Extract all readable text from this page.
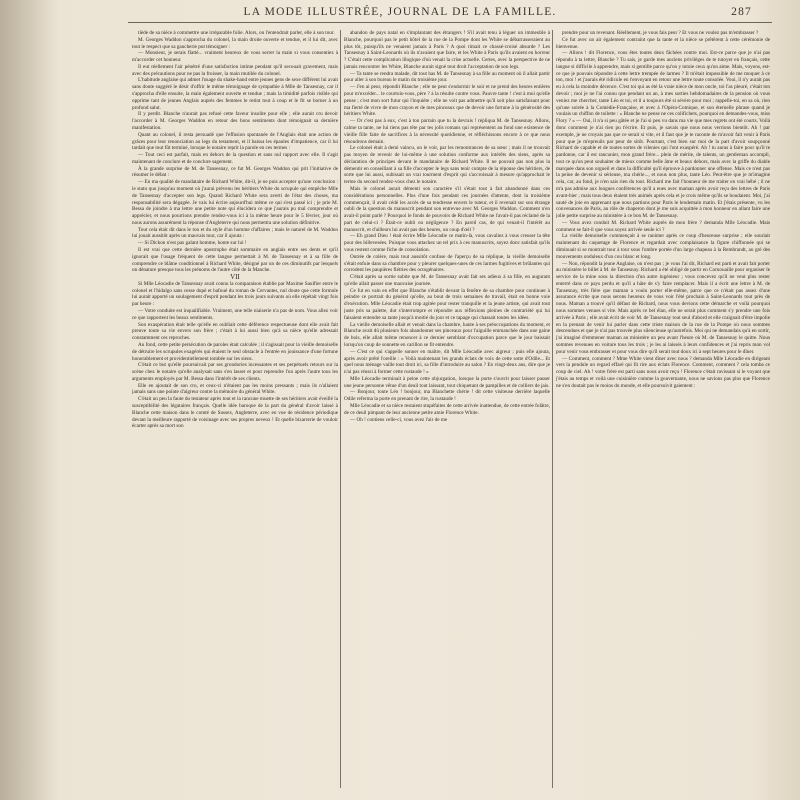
LA MODE ILLUSTRÉE, JOURNAL DE LA FAMILLE.	287

tiède de sa nièce à commettre une irréparable folie. Alors, on l'entendrait parler, elle à son tour.

M. Georges Waddon s'approcha du colonel, la main droite ouverte et tendue, et il lui dit, avec tout le respect que sa gaucherie put témoigner :

— Monsieur, je serais flatté... vraiment heureux de vous serrer la main si vous consentiez à m'accorder cet honneur.

Il eut réellement l'air pénétré d'une satisfaction intime pendant qu'il secouait gravement, mais avec des précautions pour ne pas la froisser, la main mutilée du colonel.

L'habitude anglaise qui admet l'usage du shake-hand entre jeunes gens de sexe différent lui avait sans doute suggéré le désir d'offrir le même témoignage de sympathie à Mlle de Tansesnay, car il s'approcha d'elle ensuite, la main également ouverte et tendue ; mais la timidité parfois risible qui opprime tant de jeunes Anglais auprès des femmes le retint tout à coup et le fit se borner à un profond salut.

Il y perdit. Blanche n'aurait pas refusé cette faveur insolite pour elle ; elle aurait cru devoir l'accorder à M. Georges Waddon en retour des bons sentiments dont témoignait sa dernière manifestation.

Quant au colonel, il resta persuadé que l'effusion spontanée de l'Anglais était une action de grâces pour leur renonciation au legs du testament, et il baissa les épaules d'impatience, car il lui tardait que tout fût terminé, lorsque le notaire reprit la parole en ces termes :

— Tout ceci est parfait, mais en dehors de la question et sans nul rapport avec elle. Il s'agit maintenant de conclure et de conclure sagement.

À la grande surprise de M. de Tansesnay, ce fut M. Georges Waddon qui prit l'initiative de résumer le débat :

— En ma qualité de mandataire de Richard White, dit-il, je ne puis accepter qu'une conclusion : le statu quo jusqu'au moment où j'aurai prévenu les héritiers White du scrupule qui empêche Mlle de Tansesnay d'accepter son legs. Quand Richard White sera averti de l'état des choses, ma responsabilité sera dégagée. Je vais lui écrire aujourd'hui même ce qui s'est passé ici ; je prie M. Bessa de joindre à ma lettre une petite note qui élucidera ce que j'aurais pu mal comprendre et apprécier, et nous pourrions prendre rendez-vous ici à la même heure pour le 5 février, jour où nous aurons assurément la réponse d'Angleterre qui nous permettra une solution définitive.

Tout cela était dit dans le ton et du style d'un homme d'affaires ; mais le naturel de M. Waddon lui jouait aussitôt après un mauvais tour, car il ajouta :

— Si Dickon n'est pas galant homme, honte sur lui !

Il est vrai que cette dernière apostrophe était sommaire en anglais entre ses dents et qu'il ignorait que l'usage fréquent de cette langue permettait à M. de Tansesnay et à sa fille de comprendre ce blâme conditionnel à Richard White, désigné par un de ces diminutifs par lesquels on dénature presque tous les prénoms de l'autre côté de la Manche.

VII

Si Mlle Léocadie de Tansesnay avait connu la comparaison établie par Maxime Saulfier entre le colonel et l'hidalgo sans cesse dupé et bafoué du roman de Cervantes, nul doute que cette formule lui aurait apporté un soulagement d'esprit pendant les trois jours suivants où elle répétait vingt fois par heure :

— Votre conduite est inqualifiable. Vraiment, une telle niaiserie n'a pas de nom. Vous allez voir ce que rapportent les beaux sentiments.

Son exaspération était telle qu'elle en oubliait cette déférence respectueuse dont elle avait fait preuve toute sa vie envers son frère ; c'était à lui aussi bien qu'à sa nièce qu'elle adressait constamment ces reproches.

Au fond, cette petite persécution de paroles était calculée ; il s'agissait pour la vieille demoiselle de détruire les scrupules exagérés qui étaient le seul obstacle à l'entrée en jouissance d'une fortune honorablement et providentiellement tombée sur les siens.

C'était ce but qu'elle poursuivait par ses grondories incessantes et ses perpétuels retours sur la scène chez le notaire qu'elle analysait sans s'en lasser et pour reprendre l'un après l'autre tous les arguments employés par M. Bessa dans l'intérêt de ses clients.

Elle en ajoutait de son cru, et ceux-ci n'étaient pas les moins pressants ; mais ils n'allaient jamais sans une pointe d'aigreur contre la mémoire du général White.

C'était un peu la faute du testateur après tout et la rancune muette de ses héritiers avait éveillé la susceptibilité des légataires français. Quelle idée baroque de la part du général d'avoir laissé à Blanche cette maison dans le comté de Sussex, Angleterre, avec en vue de résidence périodique devant la meilleure rapporté de voisinage avec ses propres neveux ! Et quelle bizarrerie de vouloir écarter après sa mort son

abandon de pays natal en s'implantant des étrangers ! S'il avait tenu à léguer un immeuble à Blanche, pourquoi pas le petit hôtel de la rue de la Pompe dont les White se débarrasseraient au plus tôt, puisqu'ils ne venaient jamais à Paris ? A quoi rimait ce chassé-croisé absurde ? Les Tansesnay à Saint-Leonards où ils n'avaient que faire, et les White à Paris qu'ils avaient en horreur ? C'était cette complication illogique d'où venait la crise actuelle. Certes, avec la perspective de ne jamais rencontrer les White, Blanche aurait signé tout droit l'acceptation de son legs.

— Ta tante se rendra malade, dit tout bas M. de Tansesnay à sa fille au moment où il allait partir pour aller à son bureau le matin du troisième jour.

— J'en ai peur, répondit Blanche ; elle ne peut s'endormir le soir et ne prend des heures entières pour m'excéder... le courtois-vous, père ? à la résulte contre vous. Pauvre tante ! c'est à moi qu'elle pense ; c'est mon sort futur qui l'inquiète ; elle ne voit pas admettre qu'il soit plus satisfaisant pour ma fierté de vivre de mon crayon et de mes pinceaux que de devoir une fortune à la générosité des héritiers White.

— Or c'est pas à eux, c'est à ton parrain que tu la devrais ! répliqua M. de Tansesnay. Allons, calme ta tante, ne lui tiens pas tête par tes jolis romans qui représentent au fond une existence de vieille fille faite de sacrifices à la nécessité quotidienne, et réfléchissons encore à ce que nous résoudrons demain.

Le colonel était à demi vaincu, on le voit, par les remontrances de sa sœur ; mais il ne trouvait pas moyen de revenir de lui-même à une solution conforme aux intérêts des siens, après sa déclaration de principes devant le mandataire de Richard White. Il ne pouvait pas non plus la démentir en conseillant à sa fille d'accepter le legs sans tenir compte de la réponse des héritiers, de sorte que lui aussi, subissait un vrai tourment d'esprit qui s'accroissait à mesure qu'approchait le terme du second rendez-vous chez le notaire.

Mais le colonel aurait démenti son caractère s'il s'était tout à fait abandonné dans ces considérations personnelles. Plus d'une fois pendant ces journées d'attente, dont la troisième commençait, il avait cédé les accès de sa tendresse envers le tuteur, et il revenait sur son étrange oubli de la question du manuscrit pendant son entrevue avec M. Georges Waddon. Comment n'en avait-il point parlé ? Pourquoi le fonds de pouvoirs de Richard White ne l'avait-il pas réclamé de la part de celui-ci ? Était-ce oubli ou négligence ? En pareil cas, de qui venait-il l'intérêt au manuscrit, et d'ailleurs lui avait pas des heures, un coup d'œil ?

— Eh grand Dieu ! était écrire Mlle Léocadie ce matin-là, vous cavaliez à vous creuser la tête pour des billevesées. Puisque vous attachez un tel prix à ces manuscrits, soyez donc satisfait qu'ils vous restent comme fiche de consolation.

Outrée de colère, mais tout aussitôt confuse de l'aperçu de sa réplique, la vieille demoiselle s'était enfuie dans sa chambre pour y pleurer quelques-unes de ces larmes fugitives et brûlantes qui corrodent les paupières flétries des octogénaires.

C'était après sa sortie subite que M. de Tansesnay avait fait ses adieux à sa fille, en augurant qu'elle allait passer une mauvaise journée.

Ce fut en vain en effet que Blanche s'établit devant la fenêtre de sa chambre pour continuer à peindre ce portrait du général qu'elle, au bout de trois semaines de travail, était en bonne voie d'exécution. Mlle Léocadie était trop agitée pour rester tranquille et la jeune artiste, qui avait tout juste pris sa palette, dut s'interrompre et répondre aux réflexions pleines de contrariété qui lui faisaient entendre sa tante jusqu'à moitié du jour et ce tapage qui chassait toutes les idées.

La vieille demoiselle allait et venait dans la chambre, hante à ses préoccupations du moment, et Blanche avait dû plusieurs fois abandonner ses pinceaux pour l'aiguille emmanchée dans une gaine de bois, elle allait même renoncer à ce dernier semblant d'occupation parce que le jour baissait lorsqu'on coup de sonnette en carillon se fit entendre.

— C'est ce qui s'appelle sonner en maître, dit Mlle Léocadie avec aigreur ; puis elle ajouta, après avoir prêté l'oreille : « Voilà maintenant les grands éclats de voix de cette sotte d'Odile... Et quel nous ménage vaille tout droit ici, sa fille d'introduire au salon ? En vingt-deux ans, dire que je n'ai pas réussi à former cette rustaude ! »

Mlle Léocadie terminait à peine cette objurgation, lorsque la porte s'ouvrit pour laisser passer une jeune personne vêtue d'un deuil tout laissant, tout chiquetant de pampilles et de colliers de jais.

— Bonjour, toute Léo ! bonjour, ma Blanchette chérie ! dit cette visiteuse derrière laquelle Odile referma la porte en prenant de rire, la rustaude !

Mlle Léocadie et sa nièce restaient stupéfaites de cette arrivée inattendue, de cette entrée folâtre, de ce deuil pimpant de leur ancienne petite amie Florence White.

— Oh ! contiens celle-ci, vous avez l'air de me

prendre pour un revenant. Réellement, je vous fais peur ? Et vous ne voulez pas m'embrasser ?

Ce fut avec un air également contraint que la tante et la nièce se prêtèrent à cette cérémonie de bienvenue.

— Allons ! dit Florence, vous êtes toutes deux fâchées contre moi. Est-ce parce que je n'ai pas répondu à ta lettre, Blanche ? Tu sais, je garde mes anciens privilèges de te tutoyer en français, cette langue si difficile à apprendre, mais si gentille parce qu'on y tutoie ceux qu'on aime. Mais, voyons, est-ce que je pouvais répondre à cette lettre trempée de larmes ? Il m'était impossible de me moquer à ce ton, moi ! et j'aurais été ridicule en t'envoyant en retour une lettre toute consolée. Voui, il n'y aurait pas eu à cela la moindre décence. C'est toi qui as été la vraie nièce de mon oncle, toi l'as pleuré, c'était ton devoir ; moi je ne l'ai connu que pendant un an, à mes sorties hebdomadaires de la pension où vous veniez me chercher, tante Léo et toi, et il a toujours été si sévère pour moi ; rappelle-toi, en sa où, rien qu'une soirée à la Comédie-Française, et avec à l'Opéra-Comique, et son éternelle phrase quand je voulais un chiffon de toilette : « Blanche ne pense ne ces colifichets, pourquoi en demandes-vous, miss Flory ? » — Oui, il n'a si peu gâtée et je l'ai si peu vu dans ma vie que mes regrets ont été courts. Voilà donc comment je n'ai rien pu t'écrire. Et puis, je savais que nous nous verrions bientôt. Ah ! par exemple, je ne croyais pas que ce serait si vite, et il faut que je te raconte de m'avoir fait venir à Paris pour que je m'epreuils par peur de sitôt. Pourtant, c'est bien sur moi de la part d'avoir soupçonné Richard de capable et de toutes sortes de vilenies qui l'ont exaspéré. Ah ! tu auras à faire pour qu'il te pardonne, car il est rancunier, mon grand frère... plein de mérite, de talents, un gentleman accompli, tout ce qu'on peut souhaiter de mieux comme belle âme et beaux dehors, mais avec la griffe du diable marquée dans son orgueil et dans la difficulté qu'il éprouve à pardonner une offense. Mais ce n'est pas la peine de devenir si sérieuse, ma chérie..., et nous non plus, tante Léo. Peut-être que je m'imagine cela, car, au fond, je n'en sais rien du tout. Richard me fait l'honneur de me traiter en vrai bébé ; il ne m'a pas admise aux longues conférences qu'il a eues avec maman après avoir reçu des lettres de Paris avant-hier ; mais tous deux étaient très animés après cela et je crois même qu'ils se boudaient. Moi, j'ai sauté de joie en apprenant que nous partions pour Paris le lendemain matin. Et j'étais présente, vu les convenances de Paris, au rôle de chaperon dont je me suis acquittée à mon honneur en allant faire une jolie petite surprise au ministère à ce bon M. de Tansesnay.

— Vous avez conduit M. Richard White auprès de mon frère ? demanda Mlle Léocadie. Mais comment se fait-il que vous soyez arrivée seule ici ?

La vieille demoiselle commençait à se ranimer après ce coup d'heureuse surprise ; elle souriait maintenant du caquetage de Florence et regardait avec complaisance la figure chiffonnée qui se diminuait si se montrait tour à tour sous l'ombre portée d'un large chapeau à la Rembrandt, au gré des mouvements onduleux d'un cou blanc et long.

— Non, répondit la jeune Anglaise, on n'est pas ; je vous l'ai dit, Richard est parti et avait fait porter au ministère le billet à M. de Tansesnay. Richard a été obligé de partir en Cornouaille pour organiser le service de la mine sous la direction d'un autre ingénieur ; vous concevez qu'il ne veut plus rester enterré dans ce pays perdu et qu'il a hâte de s'y faire remplacer. Mais il a écrit une lettre à M. de Tansesnay, très fière que maman a voulu porter elle-même, parce que ce n'était pas assez d'une assurance écrite que nous serons heureux de vous voir l'été prochain à Saint-Leonards tout près de nous. Maman a trouvé qu'il défaut de Richard, nous vous devions cette démarche et voilà pourquoi nous sommes venues si vite. Mais après ce bel élan, elle ne serait plus comment s'y prendre une fois arrivée à Paris ; elle avait écrit de voir M. de Tansesnay tout seul d'abord et elle craignait d'être impolie en la prenant de venir lui parler dans cette triste maison de la rue de la Pompe où nous sommes descendues et que je n'ai pas trouvée plus silencieuse qu'autrefois. Moi qui ne demandais qu'à en sortir, j'ai imaginé d'emmener maman au ministère un peu avant l'heure où M. de Tansesnay le quitte. Nous sommes revenues en voiture tous les trois ; je les ai laissés à leurs confidences et j'ai repris mon vol pour venir vous embrasser et pour vous dire qu'il serait tout doux ici à sept heures pour le dîner.

— Comment, comment ? Mme White vient dîner avec nous ? demanda Mlle Léocadie en dirigeant vers la pendule un regard effaré qui fit rire aux éclats Florence. Comment, comment ? cela tomba ce coup de ciel. Ah ! votre frère est parti sans nous avoir reçu ! Florence c'était ravissant si le voyant que j'étais au temps et voilà une cuisinière comme la gouvernante, nous ne savions pas plus que Florence ne s'en doutait pas le moins du monde, et elle poursuivit gaiement :
